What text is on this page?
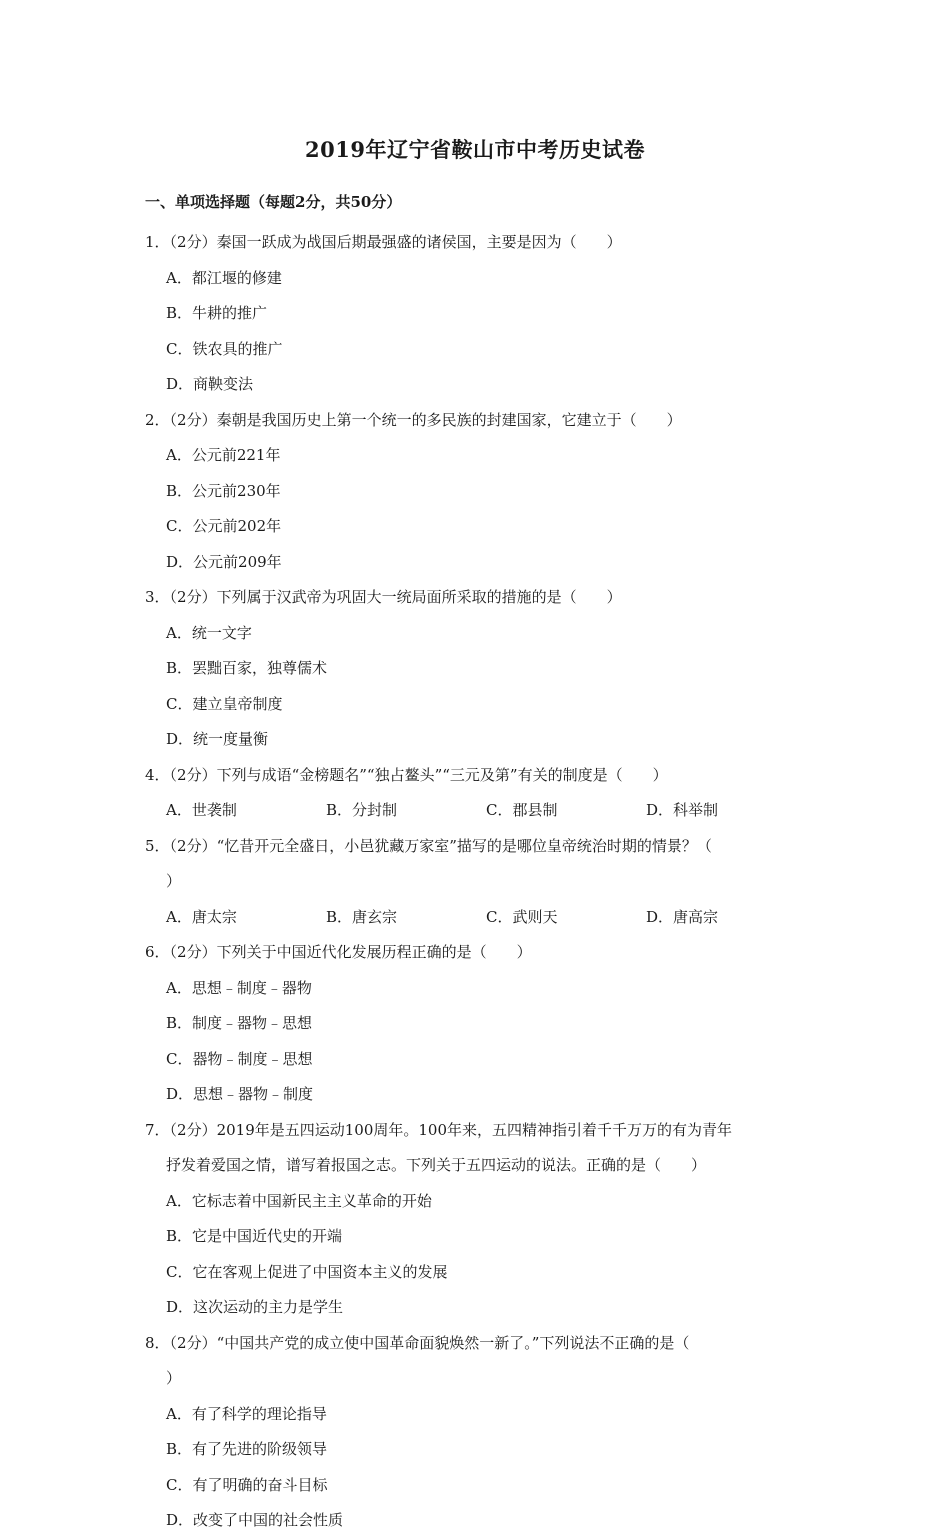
2019年辽宁省鞍山市中考历史试卷
一、单项选择题（每题2分，共50分）
1．（2分）秦国一跃成为战国后期最强盛的诸侯国，主要是因为（　　）
A．都江堰的修建
B．牛耕的推广
C．铁农具的推广
D．商鞅变法
2．（2分）秦朝是我国历史上第一个统一的多民族的封建国家，它建立于（　　）
A．公元前221年
B．公元前230年
C．公元前202年
D．公元前209年
3．（2分）下列属于汉武帝为巩固大一统局面所采取的措施的是（　　）
A．统一文字
B．罢黜百家，独尊儒术
C．建立皇帝制度
D．统一度量衡
4．（2分）下列与成语“金榜题名”“独占鳌头”“三元及第”有关的制度是（　　）
A．世袭制	B．分封制	C．郡县制	D．科举制
5．（2分）“忆昔开元全盛日，小邑犹藏万家室”描写的是哪位皇帝统治时期的情景？（
）
A．唐太宗	B．唐玄宗	C．武则天	D．唐高宗
6．（2分）下列关于中国近代化发展历程正确的是（　　）
A．思想﹣制度﹣器物
B．制度﹣器物﹣思想
C．器物﹣制度﹣思想
D．思想﹣器物﹣制度
7．（2分）2019年是五四运动100周年。100年来，五四精神指引着千千万万的有为青年
抒发着爱国之情，谱写着报国之志。下列关于五四运动的说法。正确的是（　　）
A．它标志着中国新民主主义革命的开始
B．它是中国近代史的开端
C．它在客观上促进了中国资本主义的发展
D．这次运动的主力是学生
8．（2分）“中国共产党的成立使中国革命面貌焕然一新了。”下列说法不正确的是（
）
A．有了科学的理论指导
B．有了先进的阶级领导
C．有了明确的奋斗目标
D．改变了中国的社会性质
